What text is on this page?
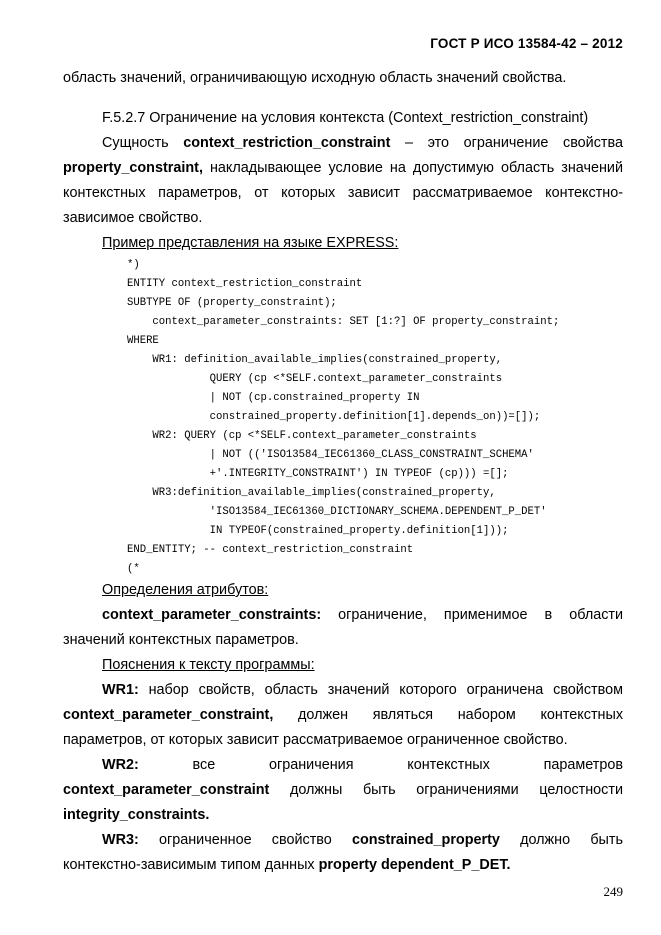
ГОСТ Р ИСО 13584-42 – 2012
область значений, ограничивающую исходную область значений свойства.
F.5.2.7 Ограничение на условия контекста (Context_restriction_constraint)
Сущность context_restriction_constraint – это ограничение свойства
property_constraint, накладывающее условие на допустимую область значений
контекстных параметров, от которых зависит рассматриваемое контекстно-
зависимое свойство.
Пример представления на языке EXPRESS:
*)
ENTITY context_restriction_constraint
SUBTYPE OF (property_constraint);
context_parameter_constraints: SET [1:?] OF property_constraint;
WHERE
WR1: definition_available_implies(constrained_property,
QUERY (cp <*SELF.context_parameter_constraints
| NOT (cp.constrained_property IN
constrained_property.definition[1].depends_on))=[]);
WR2: QUERY (cp <*SELF.context_parameter_constraints
| NOT (('ISO13584_IEC61360_CLASS_CONSTRAINT_SCHEMA'
+'.INTEGRITY_CONSTRAINT') IN TYPEOF (cp))) =[];
WR3:definition_available_implies(constrained_property,
'ISO13584_IEC61360_DICTIONARY_SCHEMA.DEPENDENT_P_DET'
IN TYPEOF(constrained_property.definition[1]));
END_ENTITY; -- context_restriction_constraint
(*
Определения атрибутов:
context_parameter_constraints: ограничение, применимое в области
значений контекстных параметров.
Пояснения к тексту программы:
WR1: набор свойств, область значений которого ограничена свойством
context_parameter_constraint, должен являться набором контекстных
параметров, от которых зависит рассматриваемое ограниченное свойство.
WR2:	все	ограничения	контекстных	параметров
context_parameter_constraint должны быть ограничениями целостности
integrity_constraints.
WR3: ограниченное свойство constrained_property должно быть
контекстно-зависимым типом данных property dependent_P_DET.
249
